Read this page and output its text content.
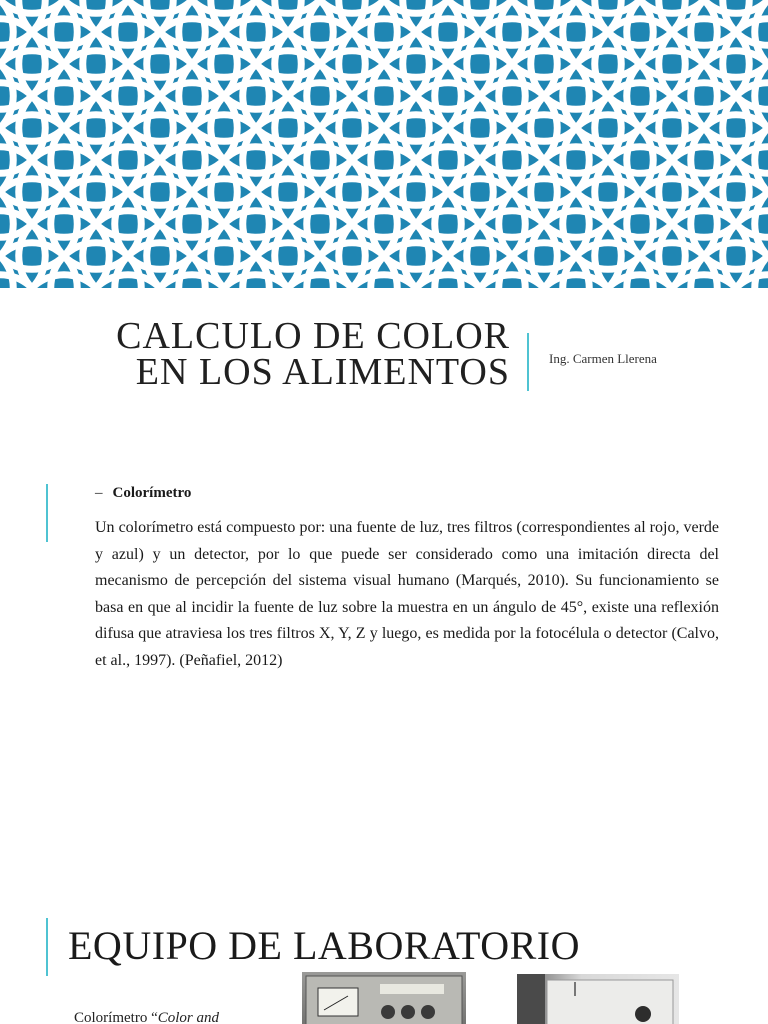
CALCULO DE COLOR
EN LOS ALIMENTOS	Ing. Carmen Llerena
– Colorímetro

Un colorímetro está compuesto por: una fuente de luz, tres filtros (correspondientes al rojo, verde y azul) y un detector, por lo que puede ser considerado como una imitación directa del mecanismo de percepción del sistema visual humano (Marqués, 2010). Su funcionamiento se basa en que al incidir la fuente de luz sobre la muestra en un ángulo de 45°, existe una reflexión difusa que atraviesa los tres filtros X, Y, Z y luego, es medida por la fotocélula o detector (Calvo, et al., 1997). (Peñafiel, 2012)

EQUIPO DE LABORATORIO
Colorímetro “Color and
